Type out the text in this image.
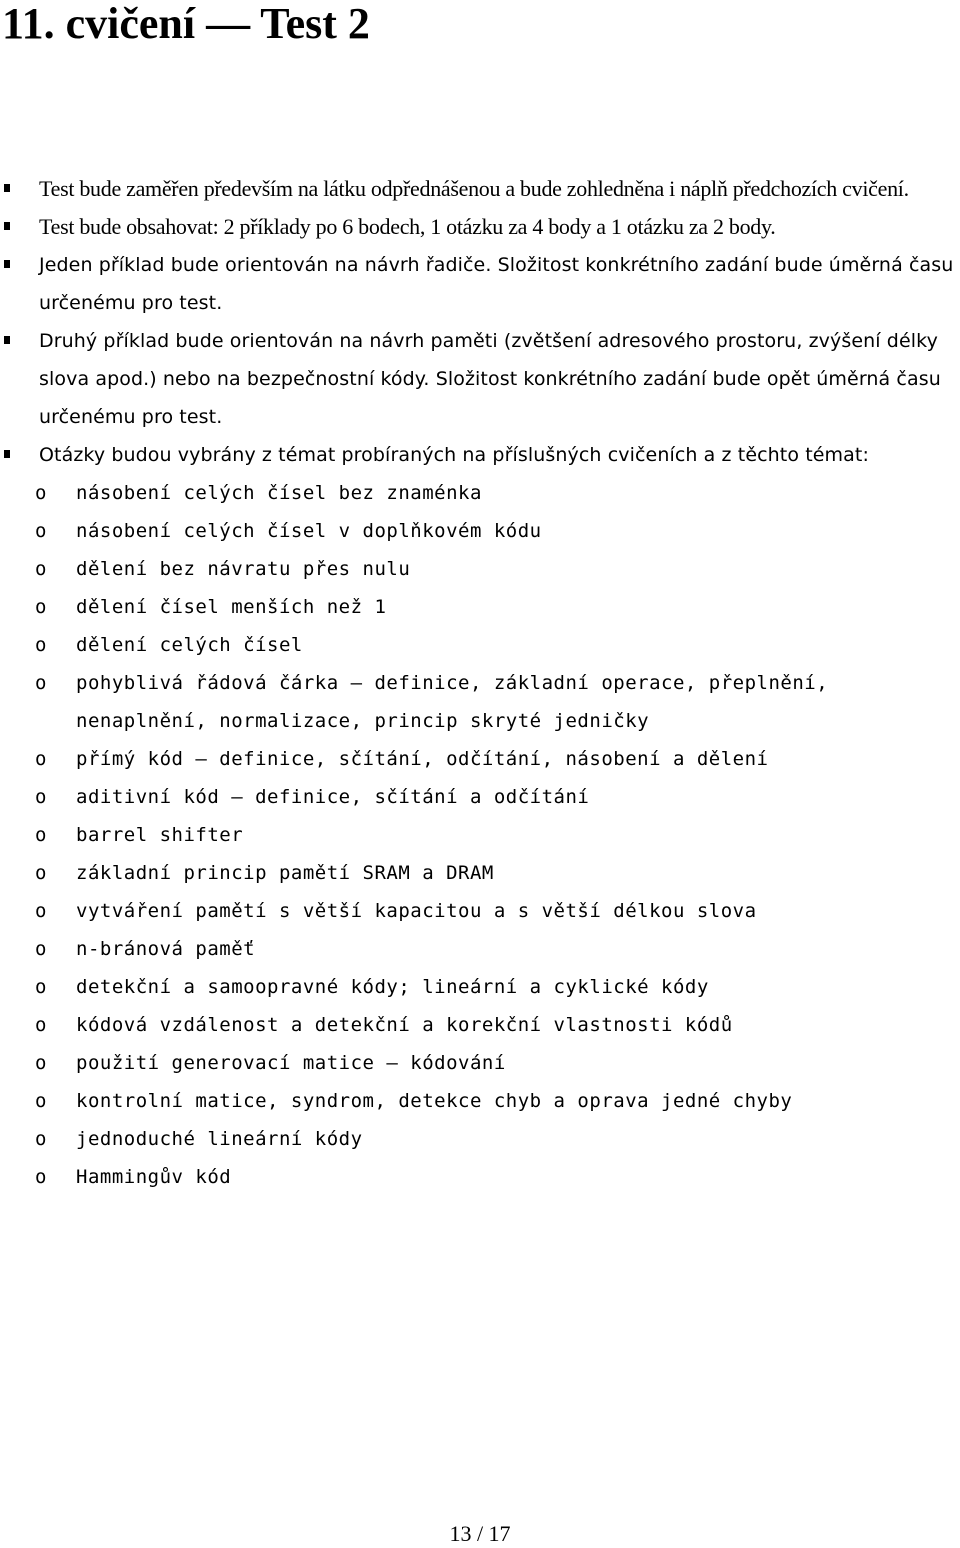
11. cvičení — Test 2
Test bude zaměřen především na látku odpřednášenou a bude zohledněna i náplň předchozích cvičení.
Test bude obsahovat: 2 příklady po 6 bodech, 1 otázku za 4 body a 1 otázku za 2 body.
Jeden příklad bude orientován na návrh řadiče. Složitost konkrétního zadání bude úměrná času určenému pro test.
Druhý příklad bude orientován na návrh paměti (zvětšení adresového prostoru, zvýšení délky slova apod.) nebo na bezpečnostní kódy. Složitost konkrétního zadání bude opět úměrná času určenému pro test.
Otázky budou vybrány z témat probíraných na příslušných cvičeních a z těchto témat:
o násobení celých čísel bez znaménka
o násobení celých čísel v doplňkovém kódu
o dělení bez návratu přes nulu
o dělení čísel menších než 1
o dělení celých čísel
o pohyblivá řádová čárka – definice, základní operace, přeplnění, nenaplnění, normalizace, princip skryté jedničky
o přímý kód – definice, sčítání, odčítání, násobení a dělení
o aditivní kód – definice, sčítání a odčítání
o barrel shifter
o základní princip pamětí SRAM a DRAM
o vytváření pamětí s větší kapacitou a s větší délkou slova
o n-bránová paměť
o detekční a samoopravné kódy; lineární a cyklické kódy
o kódová vzdálenost a detekční a korekční vlastnosti kódů
o použití generovací matice — kódování
o kontrolní matice, syndrom, detekce chyb a oprava jedné chyby
o jednoduché lineární kódy
o Hammingův kód
13 / 17
